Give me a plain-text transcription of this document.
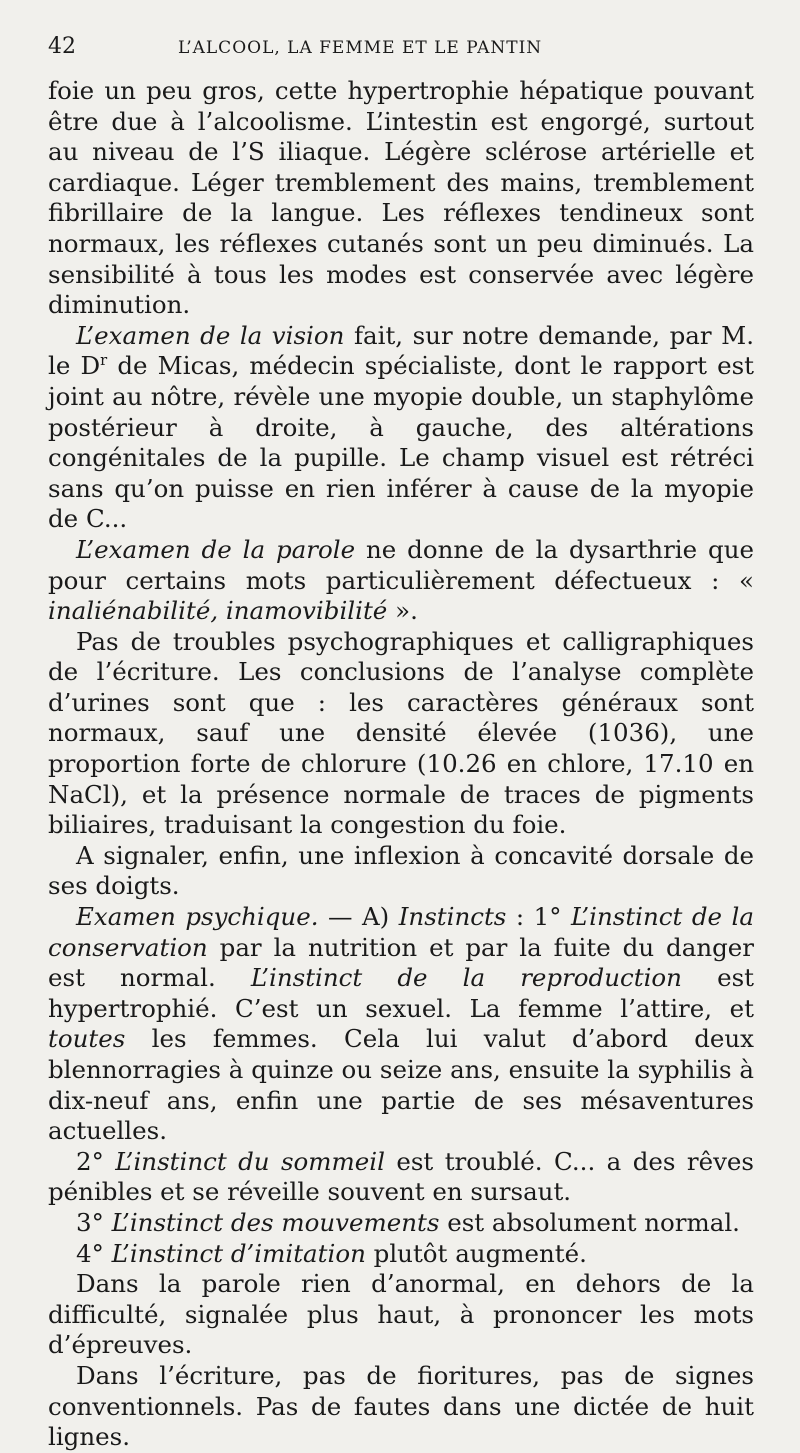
42	L’ALCOOL, LA FEMME ET LE PANTIN

foie un peu gros, cette hypertrophie hépatique pouvant être due à l’alcoolisme. L’intestin est engorgé, surtout au niveau de l’S iliaque. Légère sclérose artérielle et cardiaque. Léger tremblement des mains, tremblement fibrillaire de la langue. Les réflexes tendineux sont normaux, les réflexes cutanés sont un peu diminués. La sensibilité à tous les modes est conservée avec légère diminution.

L’examen de la vision fait, sur notre demande, par M. le $D^r$ de Micas, médecin spécialiste, dont le rapport est joint au nôtre, révèle une myopie double, un staphylôme postérieur à droite, à gauche, des altérations congénitales de la pupille. Le champ visuel est rétréci sans qu’on puisse en rien inférer à cause de la myopie de C...

L’examen de la parole ne donne de la dysarthrie que pour certains mots particulièrement défectueux : « inaliénabilité, inamovibilité ».

Pas de troubles psychographiques et calligraphiques de l’écriture. Les conclusions de l’analyse complète d’urines sont que : les caractères généraux sont normaux, sauf une densité élevée (1036), une proportion forte de chlorure (10.26 en chlore, 17.10 en NaCl), et la présence normale de traces de pigments biliaires, traduisant la congestion du foie.

A signaler, enfin, une inflexion à concavité dorsale de ses doigts.

Examen psychique. — A) Instincts : 1° L’instinct de la conservation par la nutrition et par la fuite du danger est normal. L’instinct de la reproduction est hypertrophié. C’est un sexuel. La femme l’attire, et toutes les femmes. Cela lui valut d’abord deux blennorragies à quinze ou seize ans, ensuite la syphilis à dix-neuf ans, enfin une partie de ses mésaventures actuelles.

2° L’instinct du sommeil est troublé. C... a des rêves pénibles et se réveille souvent en sursaut.

3° L’instinct des mouvements est absolument normal.

4° L’instinct d’imitation plutôt augmenté.

Dans la parole rien d’anormal, en dehors de la difficulté, signalée plus haut, à prononcer les mots d’épreuves.

Dans l’écriture, pas de fioritures, pas de signes conventionnels. Pas de fautes dans une dictée de huit lignes.
